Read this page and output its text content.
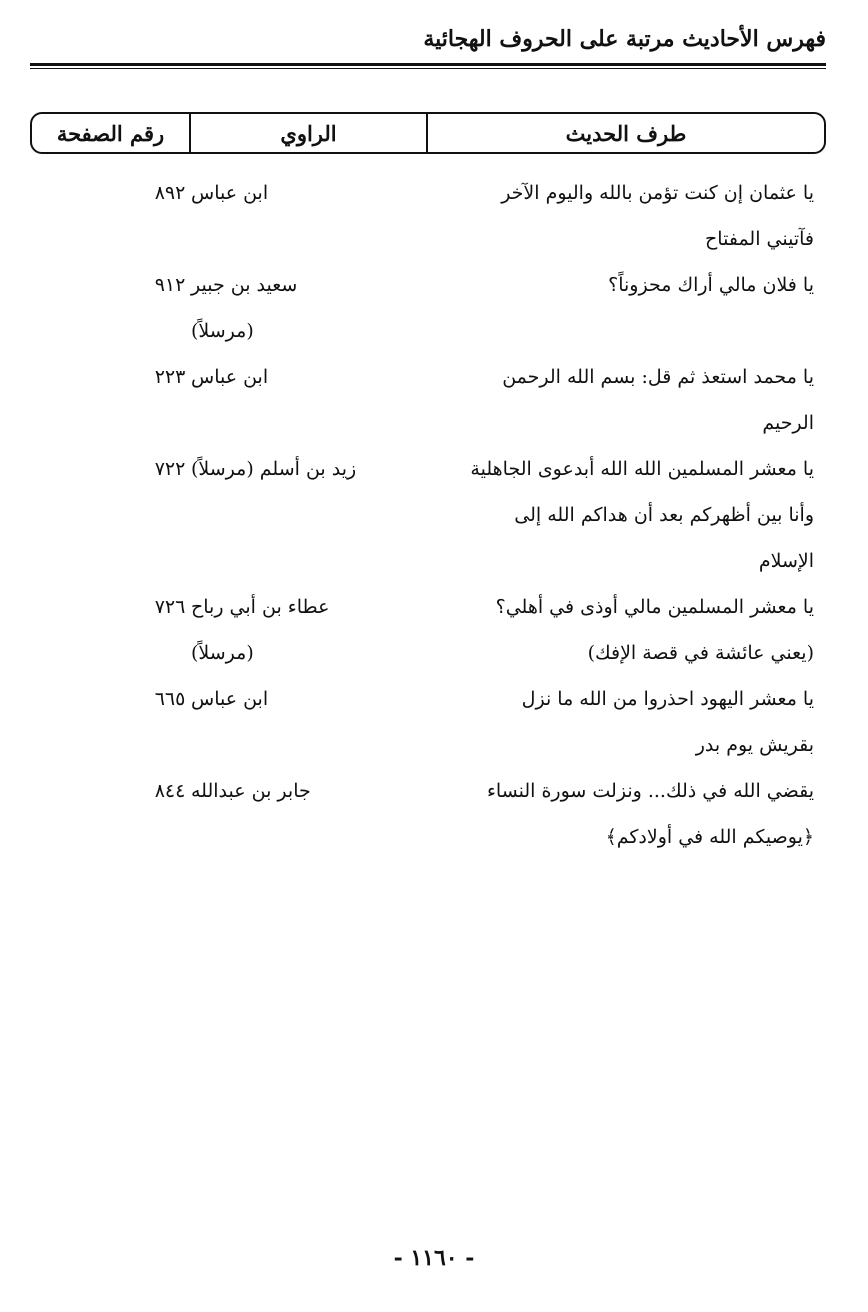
فهرس الأحاديث مرتبة على الحروف الهجائية
طرف الحديث
الراوي
رقم الصفحة
يا عثمان إن كنت تؤمن بالله واليوم الآخر
فآتيني المفتاح
ابن عباس
٨٩٢
يا فلان مالي أراك محزوناً؟
سعيد بن جبير
(مرسلاً)
٩١٢
يا محمد استعذ ثم قل: بسم الله الرحمن
الرحيم
ابن عباس
٢٢٣
يا معشر المسلمين الله الله أبدعوى الجاهلية
وأنا بين أظهركم بعد أن هداكم الله إلى
الإسلام
زيد بن أسلم (مرسلاً)
٧٢٢
يا معشر المسلمين مالي أوذى في أهلي؟
(يعني عائشة في قصة الإفك)
عطاء بن أبي رباح
(مرسلاً)
٧٢٦
يا معشر اليهود احذروا من الله ما نزل
بقريش يوم بدر
ابن عباس
٦٦٥
يقضي الله في ذلك... ونزلت سورة النساء
﴿يوصيكم الله في أولادكم﴾
جابر بن عبدالله
٨٤٤
- ١١٦٠ -
